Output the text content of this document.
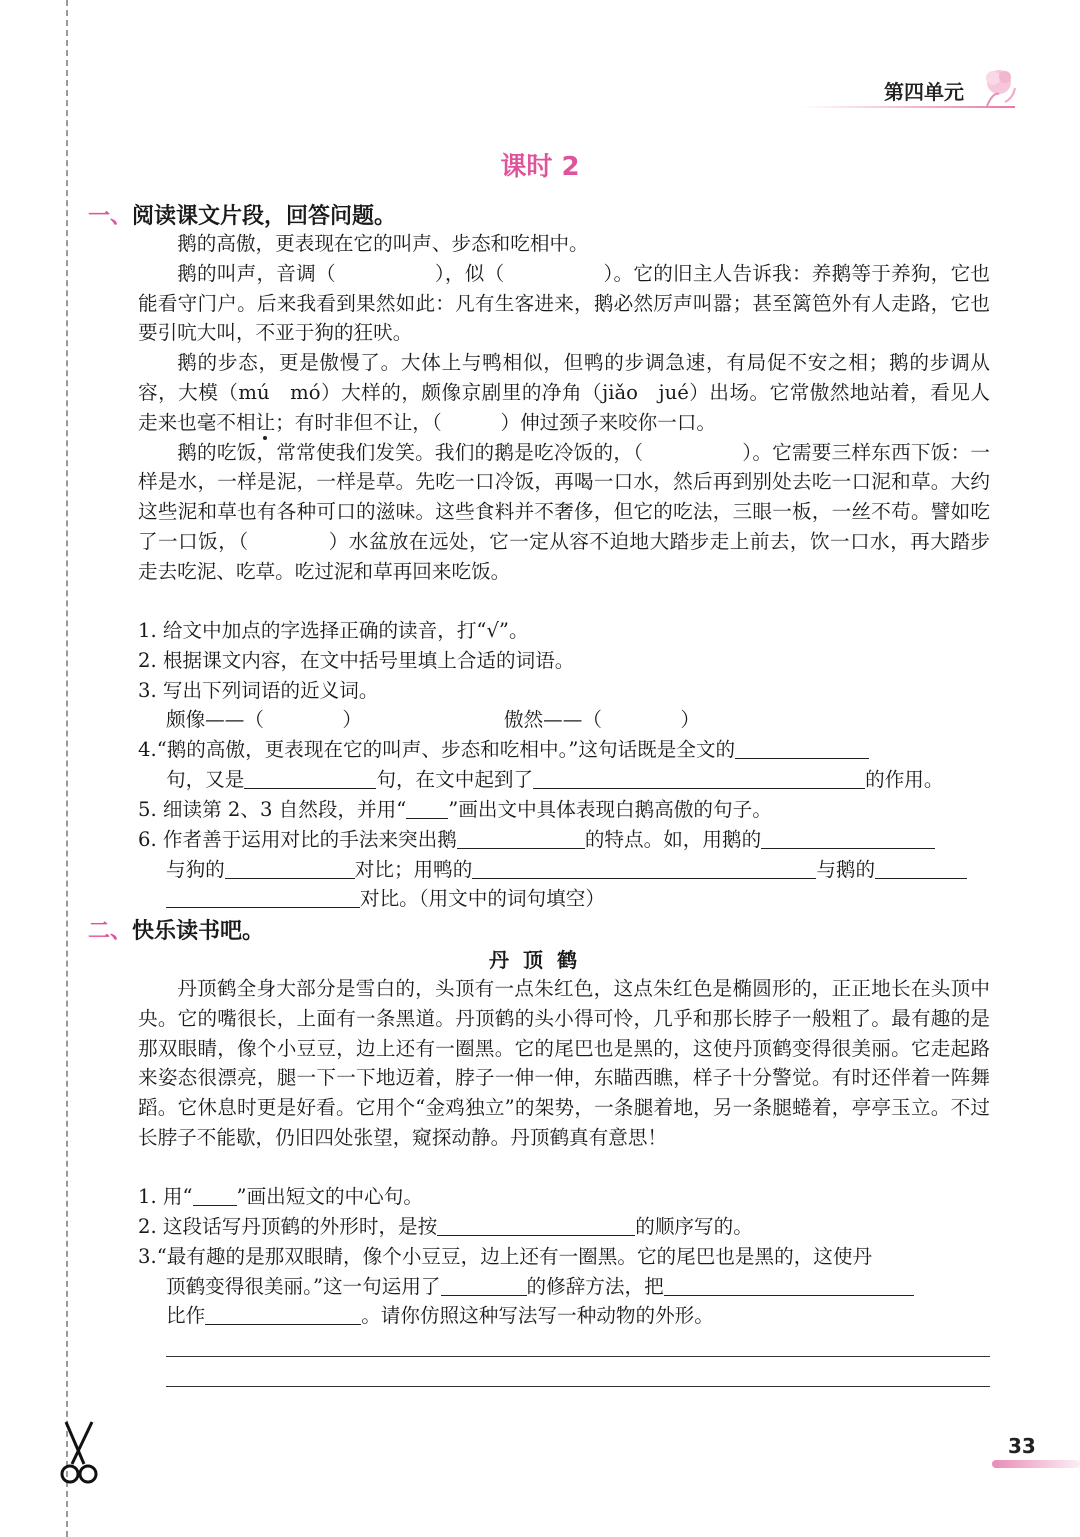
第四单元
课时 2
一、阅读课文片段，回答问题。

鹅的高傲，更表现在它的叫声、步态和吃相中。

鹅的叫声，音调（　　　　　），似（　　　　　）。它的旧主人告诉我：养鹅等于养狗，它也能看守门户。后来我看到果然如此：凡有生客进来，鹅必然厉声叫嚣；甚至篱笆外有人走路，它也要引吭大叫，不亚于狗的狂吠。

鹅的步态，更是傲慢了。大体上与鸭相似，但鸭的步调急速，有局促不安之相；鹅的步调从容，大模（mú　mó）大样的，颇像京剧里的净角（jiǎo　jué）出场。它常傲然地站着，看见人走来也毫不相让；有时非但不让，（　　　）伸过颈子来咬你一口。

鹅的吃饭，常常使我们发笑。我们的鹅是吃冷饭的，（　　　　　）。它需要三样东西下饭：一样是水，一样是泥，一样是草。先吃一口冷饭，再喝一口水，然后再到别处去吃一口泥和草。大约这些泥和草也有各种可口的滋味。这些食料并不奢侈，但它的吃法，三眼一板，一丝不苟。譬如吃了一口饭，（　　　　）水盆放在远处，它一定从容不迫地大踏步走上前去，饮一口水，再大踏步走去吃泥、吃草。吃过泥和草再回来吃饭。

1. 给文中加点的字选择正确的读音，打“√”。
2. 根据课文内容，在文中括号里填上合适的词语。
3. 写出下列词语的近义词。
颇像——（　　　　）	傲然——（　　　　）
4.“鹅的高傲，更表现在它的叫声、步态和吃相中。”这句话既是全文的
句，又是	句，在文中起到了	的作用。
5. 细读第 2、3 自然段，并用“ ”画出文中具体表现白鹅高傲的句子。
6. 作者善于运用对比的手法来突出鹅	的特点。如，用鹅的
与狗的	对比；用鸭的	与鹅的
对比。（用文中的词句填空）
二、快乐读书吧。
丹顶鹤

丹顶鹤全身大部分是雪白的，头顶有一点朱红色，这点朱红色是椭圆形的，正正地长在头顶中央。它的嘴很长，上面有一条黑道。丹顶鹤的头小得可怜，几乎和那长脖子一般粗了。最有趣的是那双眼睛，像个小豆豆，边上还有一圈黑。它的尾巴也是黑的，这使丹顶鹤变得很美丽。它走起路来姿态很漂亮，腿一下一下地迈着，脖子一伸一伸，东瞄西瞧，样子十分警觉。有时还伴着一阵舞蹈。它休息时更是好看。它用个“金鸡独立”的架势，一条腿着地，另一条腿蜷着，亭亭玉立。不过长脖子不能歇，仍旧四处张望，窥探动静。丹顶鹤真有意思！

1. 用“ ”画出短文的中心句。
2. 这段话写丹顶鹤的外形时，是按	的顺序写的。
3.“最有趣的是那双眼睛，像个小豆豆，边上还有一圈黑。它的尾巴也是黑的，这使丹
顶鹤变得很美丽。”这一句运用了	的修辞方法，把
比作	。请你仿照这种写法写一种动物的外形。
33
